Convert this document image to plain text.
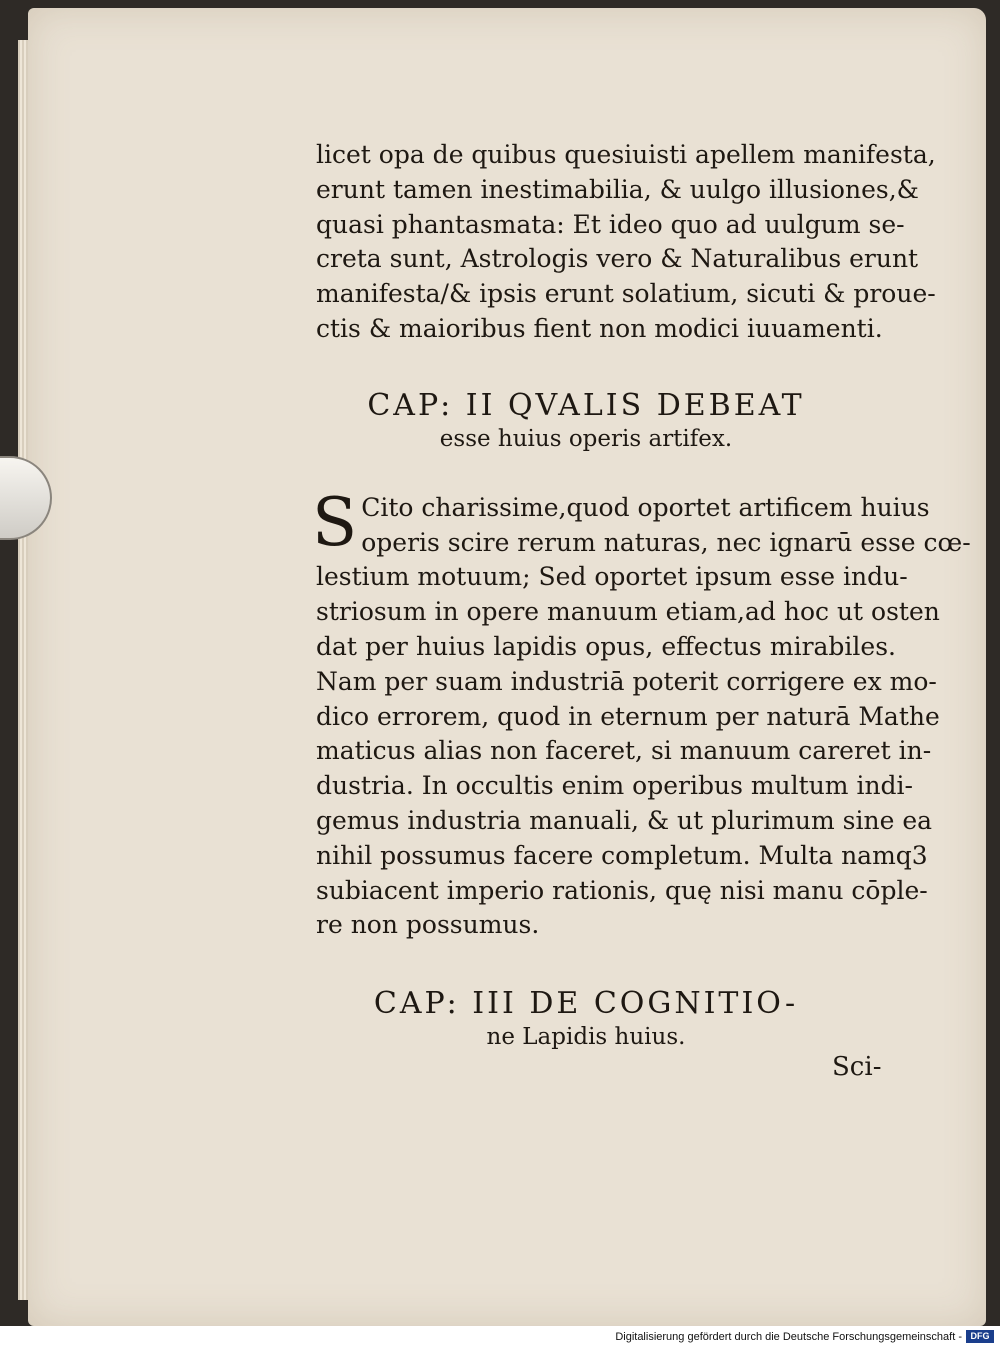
licet opa de quibus quesiuisti apellem manifesta,
erunt tamen inestimabilia, & uulgo illusiones,&
quasi phantasmata: Et ideo quo ad uulgum se-
creta sunt, Astrologis vero & Naturalibus erunt
manifesta/& ipsis erunt solatium, sicuti & proue-
ctis & maioribus fient non modici iuuamenti.

CAP: II QVALIS DEBEAT
esse huius operis artifex.

S Cito charissime,quod oportet artificem huius
operis scire rerum naturas, nec ignarū esse cœ-
lestium motuum; Sed oportet ipsum esse indu-
striosum in opere manuum etiam,ad hoc ut osten
dat per huius lapidis opus, effectus mirabiles.
Nam per suam industriā poterit corrigere ex mo-
dico errorem, quod in eternum per naturā Mathe
maticus alias non faceret, si manuum careret in-
dustria. In occultis enim operibus multum indi-
gemus industria manuali, & ut plurimum sine ea
nihil possumus facere completum. Multa namq3
subiacent imperio rationis, quę nisi manu cōple-
re non possumus.

CAP: III DE COGNITIO-
ne Lapidis huius.
Sci-
Digitalisierung gefördert durch die Deutsche Forschungsgemeinschaft - DFG
